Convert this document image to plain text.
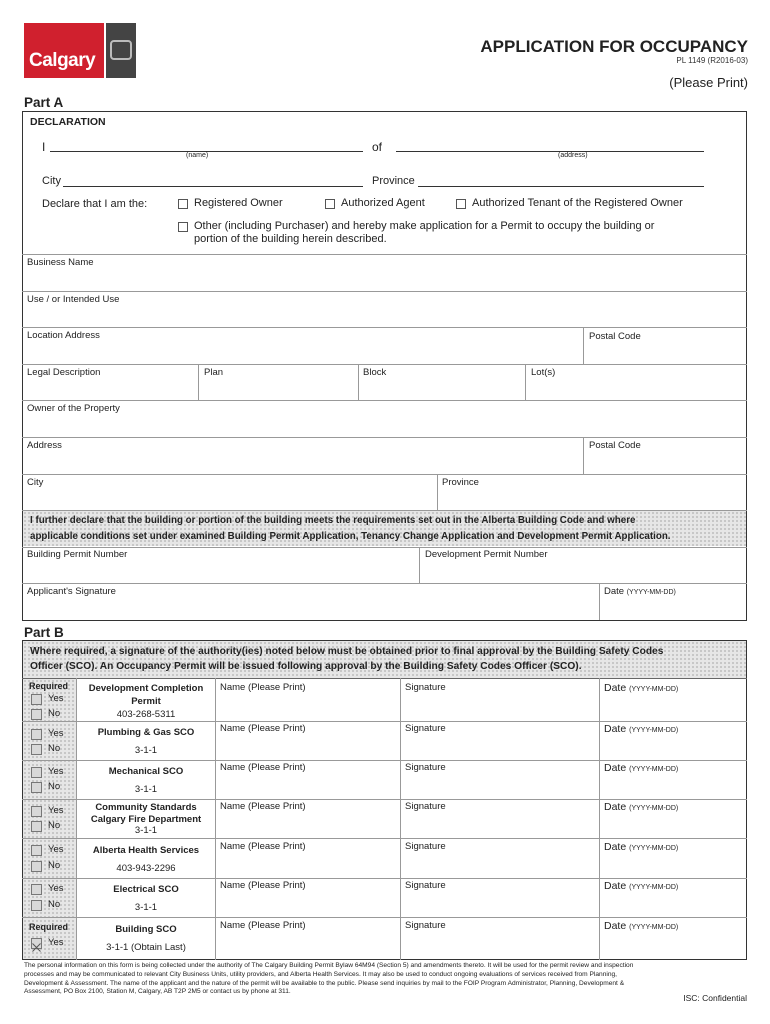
Calgary
APPLICATION FOR OCCUPANCY
PL 1149 (R2016-03)
(Please Print)
Part A
DECLARATION
I
(name)
of
(address)
City	Province
Declare that I am the:	Registered Owner	Authorized Agent	Authorized Tenant of the Registered Owner
Other (including Purchaser) and hereby make application for a Permit to occupy the building or
portion of the building herein described.
Business Name
Use / or Intended Use
Location Address	Postal Code
Legal Description	Plan	Block	Lot(s)
Owner of the Property
Address	Postal Code
City	Province
I further declare that the building or portion of the building meets the requirements set out in the Alberta Building Code and where
applicable conditions set under examined Building Permit Application, Tenancy Change Application and Development Permit Application.
Building Permit Number	Development Permit Number
Applicant's Signature	Date (YYYY-MM-DD)
Part B
Where required, a signature of the authority(ies) noted below must be obtained prior to final approval by the Building Safety Codes
Officer (SCO). An Occupancy Permit will be issued following approval by the Building Safety Codes Officer (SCO).
Required
Yes
No
Development Completion
Permit
403-268-5311
Name (Please Print)	Signature	Date (YYYY-MM-DD)
Yes
No
Plumbing & Gas SCO
3-1-1
Name (Please Print)	Signature	Date (YYYY-MM-DD)
Yes
No
Mechanical SCO
3-1-1
Name (Please Print)	Signature	Date (YYYY-MM-DD)
Yes
No
Community Standards
Calgary Fire Department
3-1-1
Name (Please Print)	Signature	Date (YYYY-MM-DD)
Yes
No
Alberta Health Services
403-943-2296
Name (Please Print)	Signature	Date (YYYY-MM-DD)
Yes
No
Electrical SCO
3-1-1
Name (Please Print)	Signature	Date (YYYY-MM-DD)
Required
Yes
Building SCO
3-1-1 (Obtain Last)
Name (Please Print)	Signature	Date (YYYY-MM-DD)
The personal information on this form is being collected under the authority of The Calgary Building Permit Bylaw 64M94 (Section 5) and amendments thereto. It will be used for the permit review and inspection
processes and may be communicated to relevant City Business Units, utility providers, and Alberta Health Services. It may also be used to conduct ongoing evaluations of services received from Planning,
Development & Assessment. The name of the applicant and the nature of the permit will be available to the public. Please send inquiries by mail to the FOIP Program Administrator, Planning, Development &
Assessment, PO Box 2100, Station M, Calgary, AB T2P 2M5 or contact us by phone at 311.
ISC: Confidential
